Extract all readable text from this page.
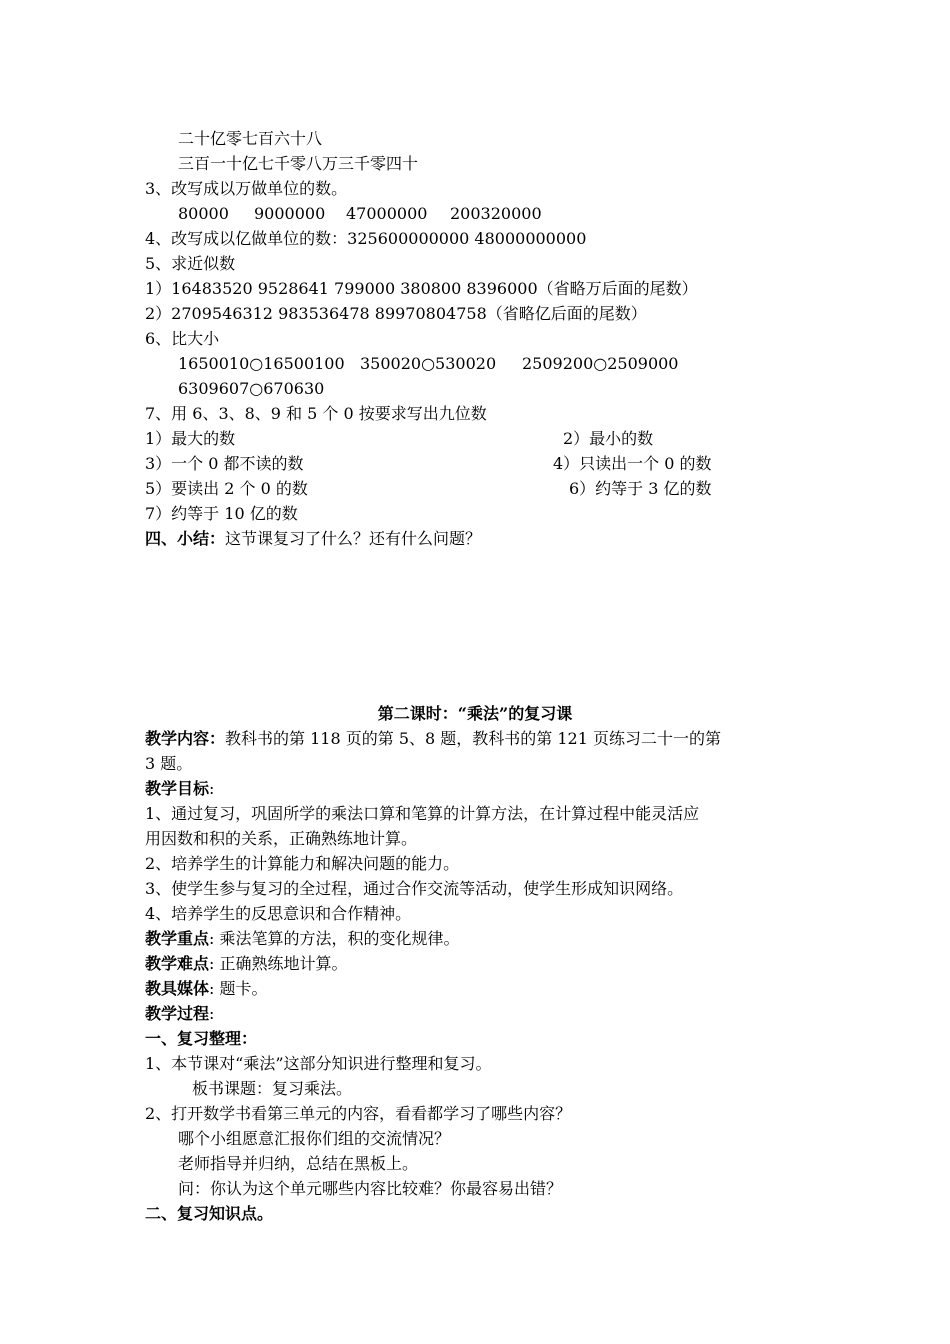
二十亿零七百六十八
三百一十亿七千零八万三千零四十
3、改写成以万做单位的数。
80000 9000000 47000000 200320000
4、改写成以亿做单位的数：325600000000 48000000000
5、求近似数
1）16483520 9528641 799000 380800 8396000（省略万后面的尾数）
2）2709546312 983536478 89970804758（省略亿后面的尾数）
6、比大小
1650010○16500100 350020○530020 2509200○2509000
6309607○670630
7、用 6、3、8、9 和 5 个 0 按要求写出九位数
1）最大的数	2）最小的数
3）一个 0 都不读的数	4）只读出一个 0 的数
5）要读出 2 个 0 的数	6）约等于 3 亿的数
7）约等于 10 亿的数
四、小结：这节课复习了什么？还有什么问题？
第二课时：“乘法”的复习课
教学内容：教科书的第 118 页的第 5、8 题，教科书的第 121 页练习二十一的第
3 题。
教学目标:
1、通过复习，巩固所学的乘法口算和笔算的计算方法，在计算过程中能灵活应
用因数和积的关系，正确熟练地计算。
2、培养学生的计算能力和解决问题的能力。
3、使学生参与复习的全过程，通过合作交流等活动，使学生形成知识网络。
4、培养学生的反思意识和合作精神。
教学重点: 乘法笔算的方法，积的变化规律。
教学难点: 正确熟练地计算。
教具媒体: 题卡。
教学过程:
一、复习整理：
1、本节课对“乘法”这部分知识进行整理和复习。
板书课题：复习乘法。
2、打开数学书看第三单元的内容，看看都学习了哪些内容？
哪个小组愿意汇报你们组的交流情况？
老师指导并归纳，总结在黑板上。
问：你认为这个单元哪些内容比较难？你最容易出错？
二、复习知识点。
